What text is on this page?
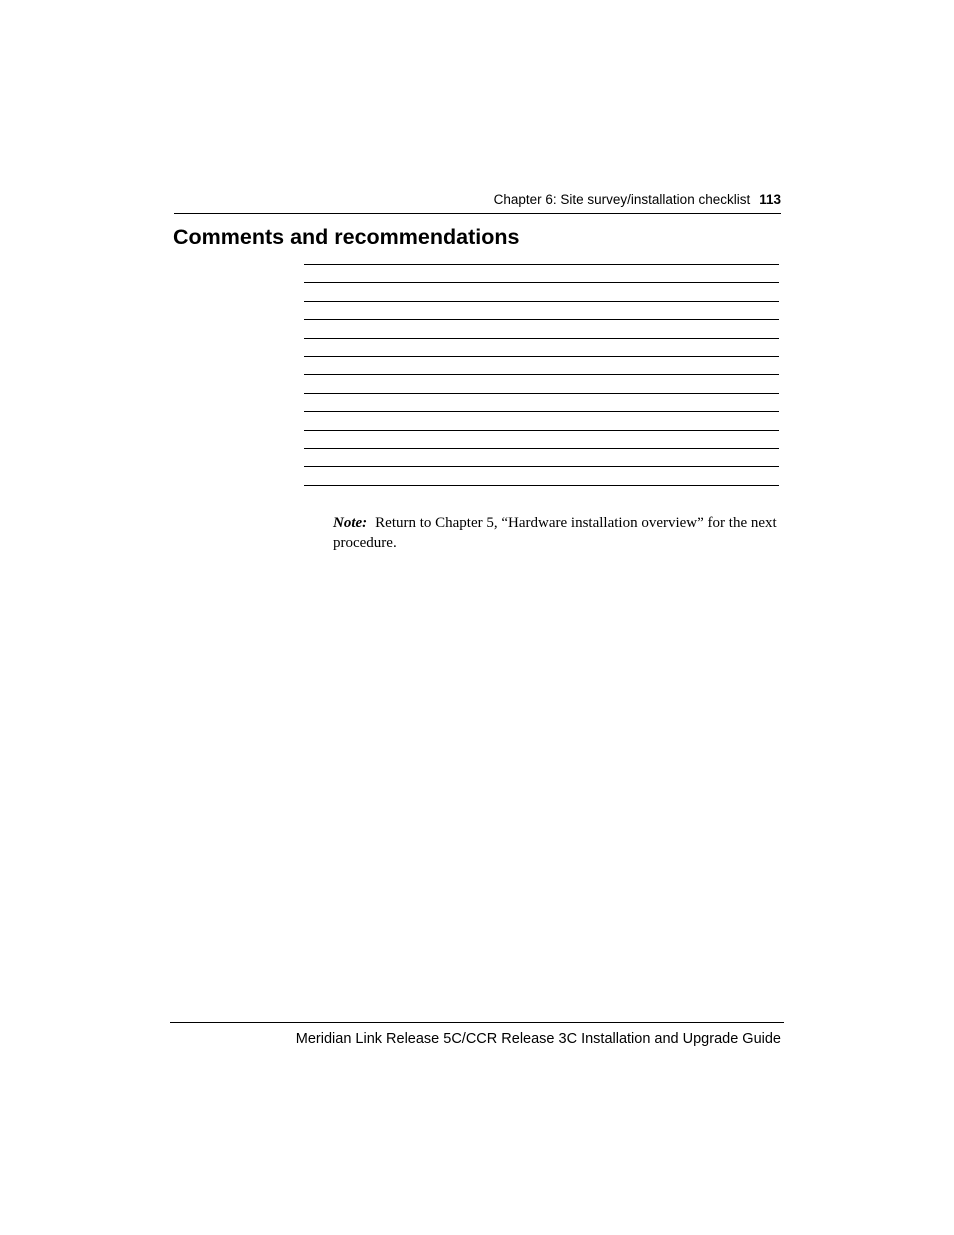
Chapter 6: Site survey/installation checklist 113
Comments and recommendations
Note: Return to Chapter 5, “Hardware installation overview” for the next procedure.
Meridian Link Release 5C/CCR Release 3C Installation and Upgrade Guide
